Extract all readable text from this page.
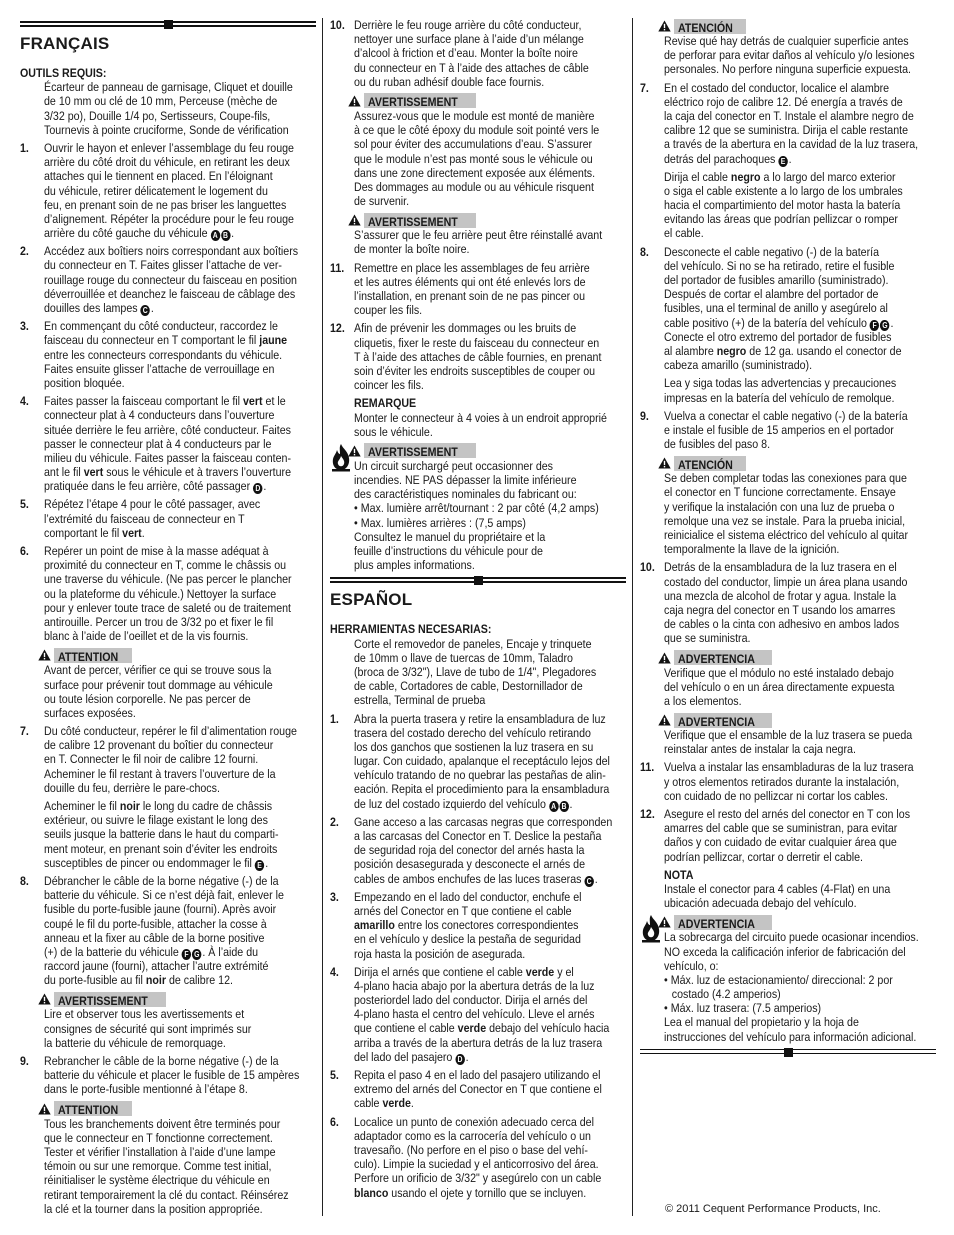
FRANÇAIS
OUTILS REQUIS:
Écarteur de panneau de garnisage, Cliquet et douille
de 10 mm ou clé de 10 mm, Perceuse (mèche de
3/32 po), Douille 1/4 po, Sertisseurs, Coupe-fils,
Tournevis à pointe cruciforme, Sonde de vérification
1. Ouvrir le hayon et enlever l’assemblage du feu rouge
arrière du côté droit du véhicule, en retirant les deux
attaches qui le tiennent en placed. En l’éloignant
du véhicule, retirer délicatement le logement du
feu, en prenant soin de ne pas briser les languettes
d’alignement. Répéter la procédure pour le feu rouge
arrière du côté gauche du véhicule A B .
2. Accédez aux boîtiers noirs correspondant aux boîtiers
du connecteur en T. Faites glisser l’attache de ver-
rouillage rouge du connecteur du faisceau en position
déverrouillée et deanchez le faisceau de câblage des
douilles des lampes C .
3. En commençant du côté conducteur, raccordez le
faisceau du connecteur en T comportant le fil jaune
entre les connecteurs correspondants du véhicule.
Faites ensuite glisser l’attache de verrouillage en
position bloquée.
4. Faites passer la faisceau comportant le fil vert et le
connecteur plat à 4 conducteurs dans l’ouverture
située derrière le feu arrière, côté conducteur. Faites
passer le connecteur plat à 4 conducteurs par le
milieu du véhicule. Faites passer la faisceau conten-
ant le fil vert sous le véhicule et à travers l’ouverture
pratiquée dans le feu arrière, côté passager D .
5. Répétez l’étape 4 pour le côté passager, avec
l’extrémité du faisceau de connecteur en T
comportant le fil vert.
6. Repérer un point de mise à la masse adéquat à
proximité du connecteur en T, comme le châssis ou
une traverse du véhicule. (Ne pas percer le plancher
ou la plateforme du véhicule.) Nettoyer la surface
pour y enlever toute trace de saleté ou de traitement
antirouille. Percer un trou de 3/32 po et fixer le fil
blanc à l’aide de l’oeillet et de la vis fournis.
ATTENTION
Avant de percer, vérifier ce qui se trouve sous la
surface pour prévenir tout dommage au véhicule
ou toute lésion corporelle. Ne pas percer de
surfaces exposées.
7. Du côté conducteur, repérer le fil d’alimentation rouge
de calibre 12 provenant du boîtier du connecteur
en T. Connecter le fil noir de calibre 12 fourni.
Acheminer le fil restant à travers l’ouverture de la
douille du feu, derrière le pare-chocs.
Acheminer le fil noir le long du cadre de châssis
extérieur, ou suivre le filage existant le long des
seuils jusque la batterie dans le haut du comparti-
ment moteur, en prenant soin d’éviter les endroits
susceptibles de pincer ou endommager le fil E .
8. Débrancher le câble de la borne négative (-) de la
batterie du véhicule. Si ce n’est déjà fait, enlever le
fusible du porte-fusible jaune (fourni). Après avoir
coupé le fil du porte-fusible, attacher la cosse à
anneau et la fixer au câble de la borne positive
(+) de la batterie du véhicule F G . À l’aide du
raccord jaune (fourni), attacher l’autre extrémité
du porte-fusible au fil noir de calibre 12.
AVERTISSEMENT
Lire et observer tous les avertissements et
consignes de sécurité qui sont imprimés sur
la batterie du véhicule de remorquage.
9. Rebrancher le câble de la borne négative (-) de la
batterie du véhicule et placer le fusible de 15 ampères
dans le porte-fusible mentionné à l’étape 8.
ATTENTION
Tous les branchements doivent être terminés pour
que le connecteur en T fonctionne correctement.
Tester et vérifier l’installation à l’aide d’une lampe
témoin ou sur une remorque. Comme test initial,
réinitialiser le système électrique du véhicule en
retirant temporairement la clé du contact. Réinsérez
la clé et la tourner dans la position appropriée.
10. Derrière le feu rouge arrière du côté conducteur,
nettoyer une surface plane à l’aide d’un mélange
d’alcool à friction et d’eau. Monter la boîte noire
du connecteur en T à l’aide des attaches de câble
ou du ruban adhésif double face fournis.
AVERTISSEMENT
Assurez-vous que le module est monté de manière
à ce que le côté époxy du module soit pointé vers le
sol pour éviter des accumulations d’eau. S’assurer
que le module n’est pas monté sous le véhicule ou
dans une zone directement exposée aux éléments.
Des dommages au module ou au véhicule risquent
de survenir.
AVERTISSEMENT
S’assurer que le feu arrière peut être réinstallé avant
de monter la boîte noire.
11. Remettre en place les assemblages de feu arrière
et les autres éléments qui ont été enlevés lors de
l’installation, en prenant soin de ne pas pincer ou
couper les fils.
12. Afin de prévenir les dommages ou les bruits de
cliquetis, fixer le reste du faisceau du connecteur en
T à l’aide des attaches de câble fournies, en prenant
soin d’éviter les endroits susceptibles de couper ou
coincer les fils.
REMARQUE
Monter le connecteur à 4 voies à un endroit approprié
sous le véhicule.
AVERTISSEMENT
Un circuit surchargé peut occasionner des
incendies. NE PAS dépasser la limite inférieure
des caractéristiques nominales du fabricant ou:
• Max. lumière arrêt/tournant : 2 par côté (4,2 amps)
• Max. lumières arrières : (7,5 amps)
Consultez le manuel du propriétaire et la
feuille d’instructions du véhicule pour de
plus amples informations.
ESPAÑOL
HERRAMIENTAS NECESARIAS:
Corte el removedor de paneles, Encaje y trinquete
de 10mm o llave de tuercas de 10mm, Taladro
(broca de 3/32"), Llave de tubo de 1/4", Plegadores
de cable, Cortadores de cable, Destornillador de
estrella, Terminal de prueba
1. Abra la puerta trasera y retire la ensambladura de luz
trasera del costado derecho del vehículo retirando
los dos ganchos que sostienen la luz trasera en su
lugar. Con cuidado, apalanque el receptáculo lejos del
vehículo tratando de no quebrar las pestañas de alin-
eación. Repita el procedimiento para la ensambladura
de luz del costado izquierdo del vehículo A B .
2. Gane acceso a las carcasas negras que corresponden
a las carcasas del Conector en T. Deslice la pestaña
de seguridad roja del conector del arnés hasta la
posición desasegurada y desconecte el arnés de
cables de ambos enchufes de las luces traseras C .
3. Empezando en el lado del conductor, enchufe el
arnés del Conector en T que contiene el cable
amarillo entre los conectores correspondientes
en el vehículo y deslice la pestaña de seguridad
roja hasta la posición de asegurada.
4. Dirija el arnés que contiene el cable verde y el
4-plano hacia abajo por la abertura detrás de la luz
posteriordel lado del conductor. Dirija el arnés del
4-plano hasta el centro del vehículo. Lleve el arnés
que contiene el cable verde debajo del vehículo hacia
arriba a través de la abertura detrás de la luz trasera
del lado del pasajero D .
5. Repita el paso 4 en el lado del pasajero utilizando el
extremo del arnés del Conector en T que contiene el
cable verde.
6. Localice un punto de conexión adecuado cerca del
adaptador como es la carrocería del vehículo o un
travesaño. (No perfore en el piso o base del vehí-
culo). Limpie la suciedad y el anticorrosivo del área.
Perfore un orificio de 3/32" y asegúrelo con un cable
blanco usando el ojete y tornillo que se incluyen.
ATENCIÓN
Revise qué hay detrás de cualquier superficie antes
de perforar para evitar daños al vehículo y/o lesiones
personales. No perfore ninguna superficie expuesta.
7. En el costado del conductor, localice el alambre
eléctrico rojo de calibre 12. Dé energía a través de
la caja del conector en T. Instale el alambre negro de
calibre 12 que se suministra. Dirija el cable restante
a través de la abertura en la cavidad de la luz trasera,
detrás del parachoques E .
Dirija el cable negro a lo largo del marco exterior
o siga el cable existente a lo largo de los umbrales
hacia el compartimiento del motor hasta la batería
evitando las áreas que podrían pellizcar o romper
el cable.
8. Desconecte el cable negativo (-) de la batería
del vehículo. Si no se ha retirado, retire el fusible
del portador de fusibles amarillo (suministrado).
Después de cortar el alambre del portador de
fusibles, una el terminal de anillo y asegúrelo al
cable positivo (+) de la batería del vehículo F G .
Conecte el otro extremo del portador de fusibles
al alambre negro de 12 ga. usando el conector de
cabeza amarillo (suministrado).
Lea y siga todas las advertencias y precauciones
impresas en la batería del vehículo de remolque.
9. Vuelva a conectar el cable negativo (-) de la batería
e instale el fusible de 15 amperios en el portador
de fusibles del paso 8.
ATENCIÓN
Se deben completar todas las conexiones para que
el conector en T funcione correctamente. Ensaye
y verifique la instalación con una luz de prueba o
remolque una vez se instale. Para la prueba inicial,
reinicialice el sistema eléctrico del vehículo al quitar
temporalmente la llave de la ignición.
10. Detrás de la ensambladura de la luz trasera en el
costado del conductor, limpie un área plana usando
una mezcla de alcohol de frotar y agua. Instale la
caja negra del conector en T usando los amarres
de cables o la cinta con adhesivo en ambos lados
que se suministra.
ADVERTENCIA
Verifique que el módulo no esté instalado debajo
del vehículo o en un área directamente expuesta
a los elementos.
ADVERTENCIA
Verifique que el ensamble de la luz trasera se pueda
reinstalar antes de instalar la caja negra.
11. Vuelva a instalar las ensambladuras de la luz trasera
y otros elementos retirados durante la instalación,
con cuidado de no pellizcar ni cortar los cables.
12. Asegure el resto del arnés del conector en T con los
amarres del cable que se suministran, para evitar
daños y con cuidado de evitar cualquier área que
podrían pellizcar, cortar o derretir el cable.
NOTA
Instale el conector para 4 cables (4-Flat) en una
ubicación adecuada debajo del vehículo.
ADVERTENCIA
La sobrecarga del circuito puede ocasionar incendios.
NO exceda la calificación inferior de fabricación del
vehículo, o:
• Máx. luz de estacionamiento/ direccional: 2 por
costado (4.2 amperios)
• Máx. luz trasera: (7.5 amperios)
Lea el manual del propietario y la hoja de
instrucciones del vehículo para información adicional.
© 2011 Cequent Performance Products, Inc.
